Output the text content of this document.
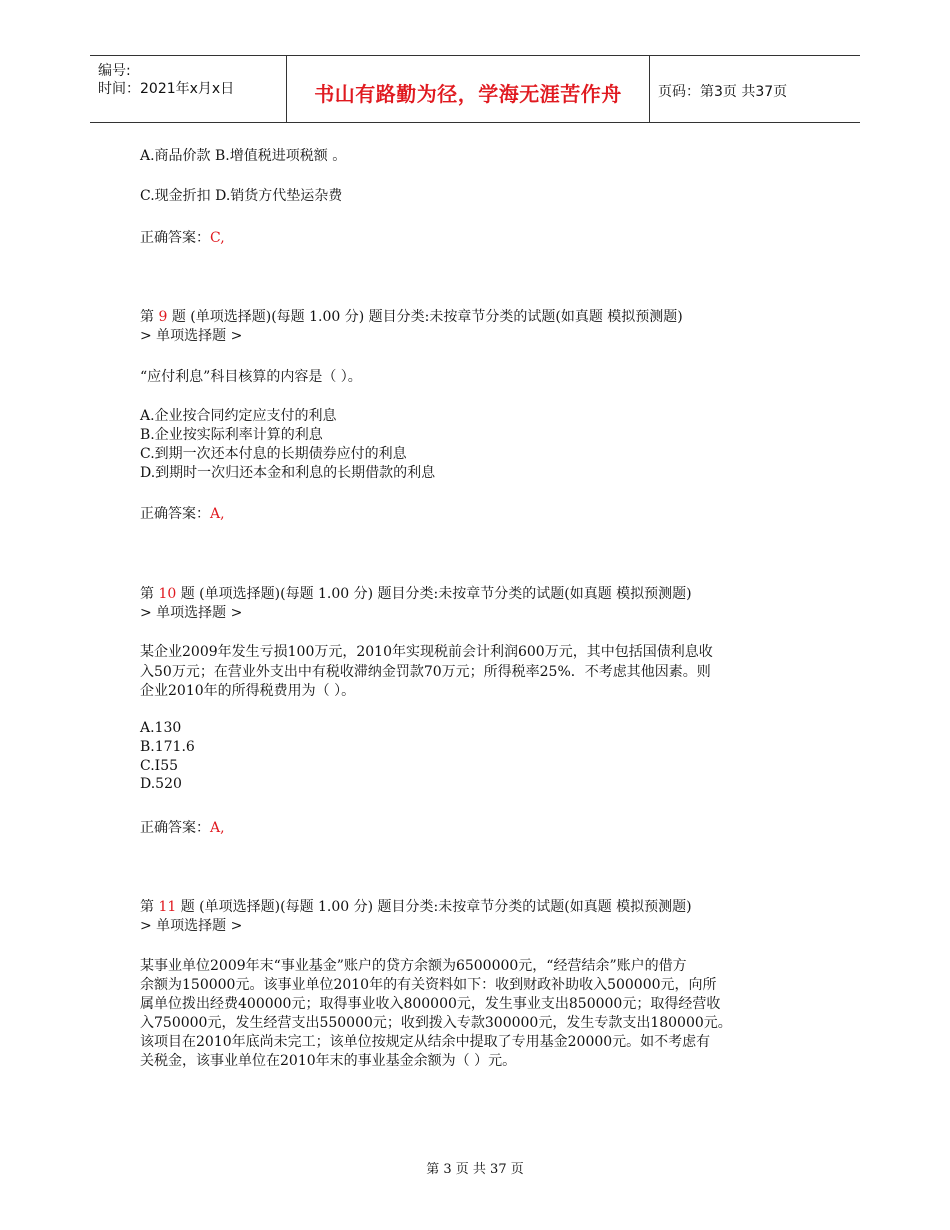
编号:
时间：2021年x月x日	书山有路勤为径，学海无涯苦作舟	页码：第3页 共37页
A.商品价款 B.增值税进项税额 。
C.现金折扣 D.销货方代垫运杂费
正确答案：C,
第 9 题 (单项选择题)(每题 1.00 分) 题目分类:未按章节分类的试题(如真题 模拟预测题)
> 单项选择题 >
“应付利息”科目核算的内容是（ ）。
A.企业按合同约定应支付的利息
B.企业按实际利率计算的利息
C.到期一次还本付息的长期债券应付的利息
D.到期时一次归还本金和利息的长期借款的利息
正确答案：A,
第 10 题 (单项选择题)(每题 1.00 分) 题目分类:未按章节分类的试题(如真题 模拟预测题)
> 单项选择题 >
某企业2009年发生亏损100万元，2010年实现税前会计利润600万元，其中包括国债利息收
入50万元；在营业外支出中有税收滞纳金罚款70万元；所得税率25%．不考虑其他因素。则
企业2010年的所得税费用为（ ）。
A.130
B.171.6
C.I55
D.520
正确答案：A,
第 11 题 (单项选择题)(每题 1.00 分) 题目分类:未按章节分类的试题(如真题 模拟预测题)
> 单项选择题 >
某事业单位2009年末“事业基金”账户的贷方余额为6500000元，“经营结余”账户的借方
余额为150000元。该事业单位2010年的有关资料如下：收到财政补助收入500000元，向所
属单位拨出经费400000元；取得事业收入800000元，发生事业支出850000元；取得经营收
入750000元，发生经营支出550000元；收到拨入专款300000元，发生专款支出180000元。
该项目在2010年底尚未完工；该单位按规定从结余中提取了专用基金20000元。如不考虑有
关税金，该事业单位在2010年末的事业基金余额为（ ）元。
第 3 页 共 37 页
